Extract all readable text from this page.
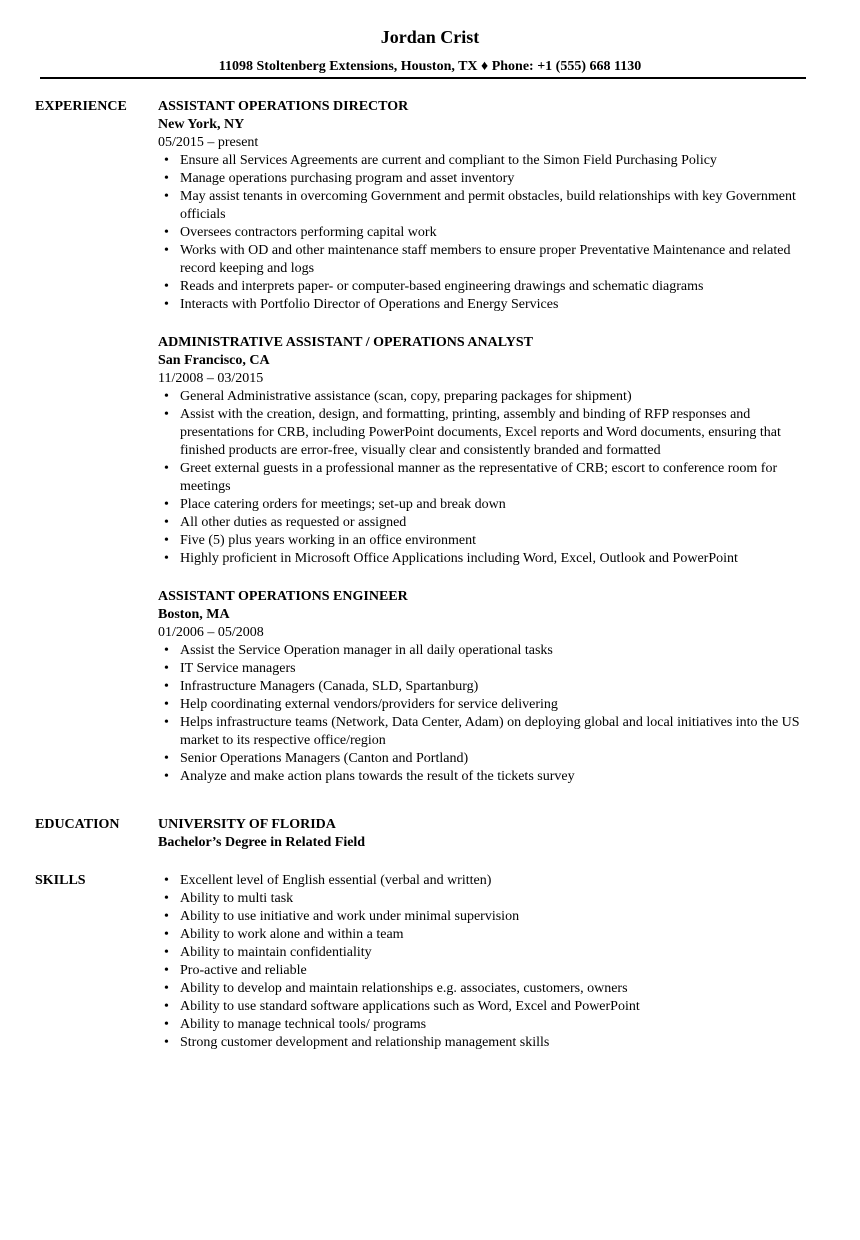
Jordan Crist
11098 Stoltenberg Extensions, Houston, TX ♦ Phone: +1 (555) 668 1130
EXPERIENCE ASSISTANT OPERATIONS DIRECTOR
New York, NY
05/2015 – present
• Ensure all Services Agreements are current and compliant to the Simon Field Purchasing Policy
• Manage operations purchasing program and asset inventory
• May assist tenants in overcoming Government and permit obstacles, build relationships with key Government officials
• Oversees contractors performing capital work
• Works with OD and other maintenance staff members to ensure proper Preventative Maintenance and related record keeping and logs
• Reads and interprets paper- or computer-based engineering drawings and schematic diagrams
• Interacts with Portfolio Director of Operations and Energy Services
ADMINISTRATIVE ASSISTANT / OPERATIONS ANALYST
San Francisco, CA
11/2008 – 03/2015
• General Administrative assistance (scan, copy, preparing packages for shipment)
• Assist with the creation, design, and formatting, printing, assembly and binding of RFP responses and presentations for CRB, including PowerPoint documents, Excel reports and Word documents, ensuring that finished products are error-free, visually clear and consistently branded and formatted
• Greet external guests in a professional manner as the representative of CRB; escort to conference room for meetings
• Place catering orders for meetings; set-up and break down
• All other duties as requested or assigned
• Five (5) plus years working in an office environment
• Highly proficient in Microsoft Office Applications including Word, Excel, Outlook and PowerPoint
ASSISTANT OPERATIONS ENGINEER
Boston, MA
01/2006 – 05/2008
• Assist the Service Operation manager in all daily operational tasks
• IT Service managers
• Infrastructure Managers (Canada, SLD, Spartanburg)
• Help coordinating external vendors/providers for service delivering
• Helps infrastructure teams (Network, Data Center, Adam) on deploying global and local initiatives into the US market to its respective office/region
• Senior Operations Managers (Canton and Portland)
• Analyze and make action plans towards the result of the tickets survey
EDUCATION	UNIVERSITY OF FLORIDA
Bachelor’s Degree in Related Field
SKILLS
•	Excellent level of English essential (verbal and written)
• Ability to multi task
• Ability to use initiative and work under minimal supervision
• Ability to work alone and within a team
• Ability to maintain confidentiality
• Pro-active and reliable
• Ability to develop and maintain relationships e.g. associates, customers, owners
• Ability to use standard software applications such as Word, Excel and PowerPoint
• Ability to manage technical tools/ programs
• Strong customer development and relationship management skills
